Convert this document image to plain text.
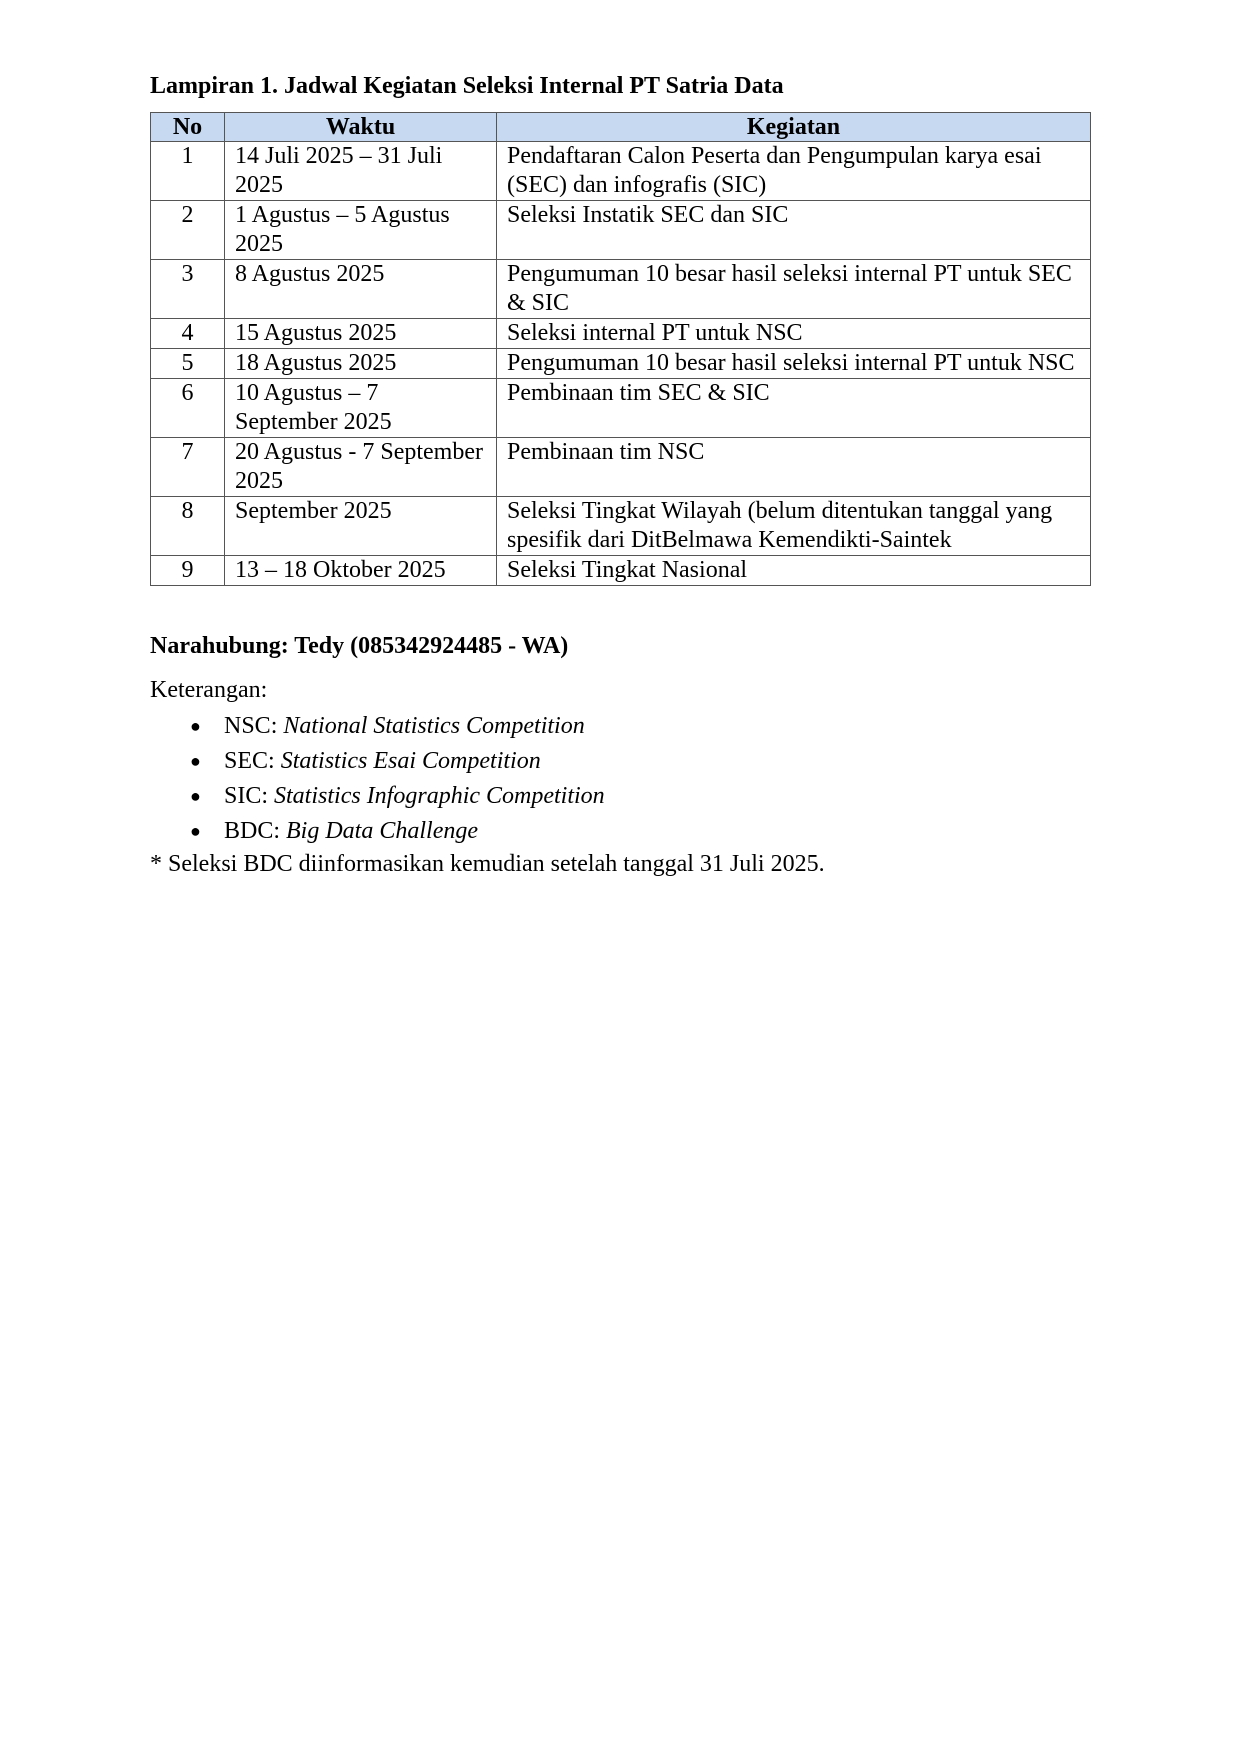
Lampiran 1. Jadwal Kegiatan Seleksi Internal PT Satria Data
No	Waktu	Kegiatan
1	14 Juli 2025 – 31 Juli 2025	Pendaftaran Calon Peserta dan Pengumpulan karya esai (SEC) dan infografis (SIC)
2	1 Agustus – 5 Agustus 2025	Seleksi Instatik SEC dan SIC
3	8 Agustus 2025	Pengumuman 10 besar hasil seleksi internal PT untuk SEC & SIC
4	15 Agustus 2025	Seleksi internal PT untuk NSC
5	18 Agustus 2025	Pengumuman 10 besar hasil seleksi internal PT untuk NSC
6	10 Agustus – 7 September 2025	Pembinaan tim SEC & SIC
7	20 Agustus - 7 September 2025	Pembinaan tim NSC
8	September 2025	Seleksi Tingkat Wilayah (belum ditentukan tanggal yang spesifik dari DitBelmawa Kemendikti-Saintek
9	13 – 18 Oktober 2025	Seleksi Tingkat Nasional
Narahubung: Tedy (085342924485 - WA)
Keterangan:
● NSC: National Statistics Competition
● SEC: Statistics Esai Competition
● SIC: Statistics Infographic Competition
● BDC: Big Data Challenge

* Seleksi BDC diinformasikan kemudian setelah tanggal 31 Juli 2025.
